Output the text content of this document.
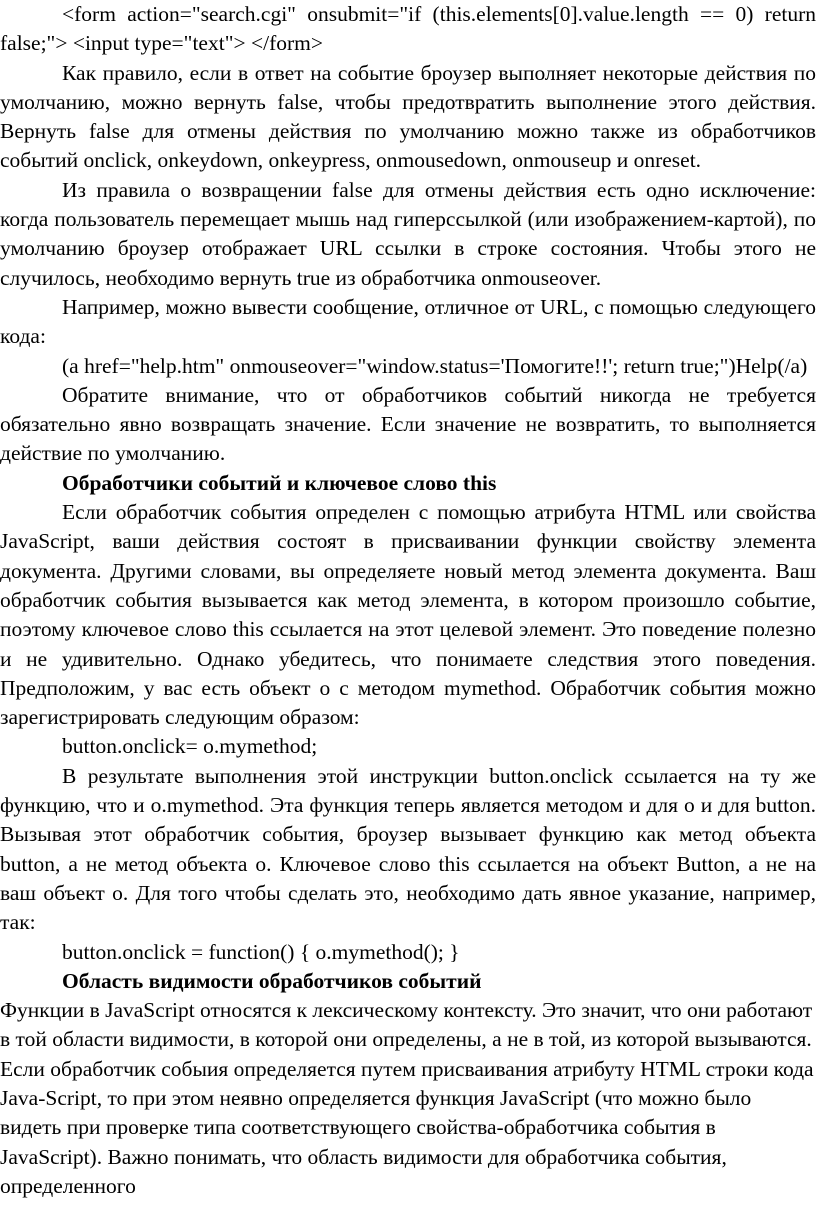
<form action="search.cgi" onsubmit="if (this.elements[0].value.length == 0) return false;"> <input type="text"> </form>

Как правило, если в ответ на событие броузер выполняет некоторые действия по умолчанию, можно вернуть false, чтобы предотвратить выполнение этого действия. Вернуть false для отмены действия по умолчанию можно также из обработчиков событий onclick, onkeydown, onkeypress, onmousedown, onmouseup и onreset.

Из правила о возвращении false для отмены действия есть одно исключение: когда пользователь перемещает мышь над гиперссылкой (или изображением-картой), по умолчанию броузер отображает URL ссылки в строке состояния. Чтобы этого не случилось, необходимо вернуть true из обработчика onmouseover.

Например, можно вывести сообщение, отличное от URL, с помощью следующего кода:

(a href="help.htm" onmouseover="window.status='Помогите!!'; return true;")Help(/a)

Обратите внимание, что от обработчиков событий никогда не требуется обязательно явно возвращать значение. Если значение не возвратить, то выполняется действие по умолчанию.

Обработчики событий и ключевое слово this

Если обработчик события определен с помощью атрибута HTML или свойства JavaScript, ваши действия состоят в присваивании функции свойству элемента документа. Другими словами, вы определяете новый метод элемента документа. Ваш обработчик события вызывается как метод элемента, в котором произошло событие, поэтому ключевое слово this ссылается на этот целевой элемент. Это поведение полезно и не удивительно. Однако убедитесь, что понимаете следствия этого поведения. Предположим, у вас есть объект о с методом mymethod. Обработчик события можно зарегистрировать следующим образом:

button.onclick= o.mymethod;

В результате выполнения этой инструкции button.onclick ссылается на ту же функцию, что и o.mymethod. Эта функция теперь является методом и для о и для button. Вызывая этот обработчик события, броузер вызывает функцию как метод объекта button, а не метод объекта о. Ключевое слово this ссылается на объект Button, а не на ваш объект о. Для того чтобы сделать это, необходимо дать явное указание, например, так:

button.onclick = function() { o.mymethod(); }

Область видимости обработчиков событий

Функции в JavaScript относятся к лексическому контексту. Это значит, что они работают в той области видимости, в которой они определены, а не в той, из которой вызываются. Если обработчик собыия определяется путем присваивания атрибуту HTML строки кода Java-Script, то при этом неявно определяется функция JavaScript (что можно было видеть при проверке типа соответствующего свойства-обработчика события в JavaScript). Важно понимать, что область видимости для обработчика события, определенного
